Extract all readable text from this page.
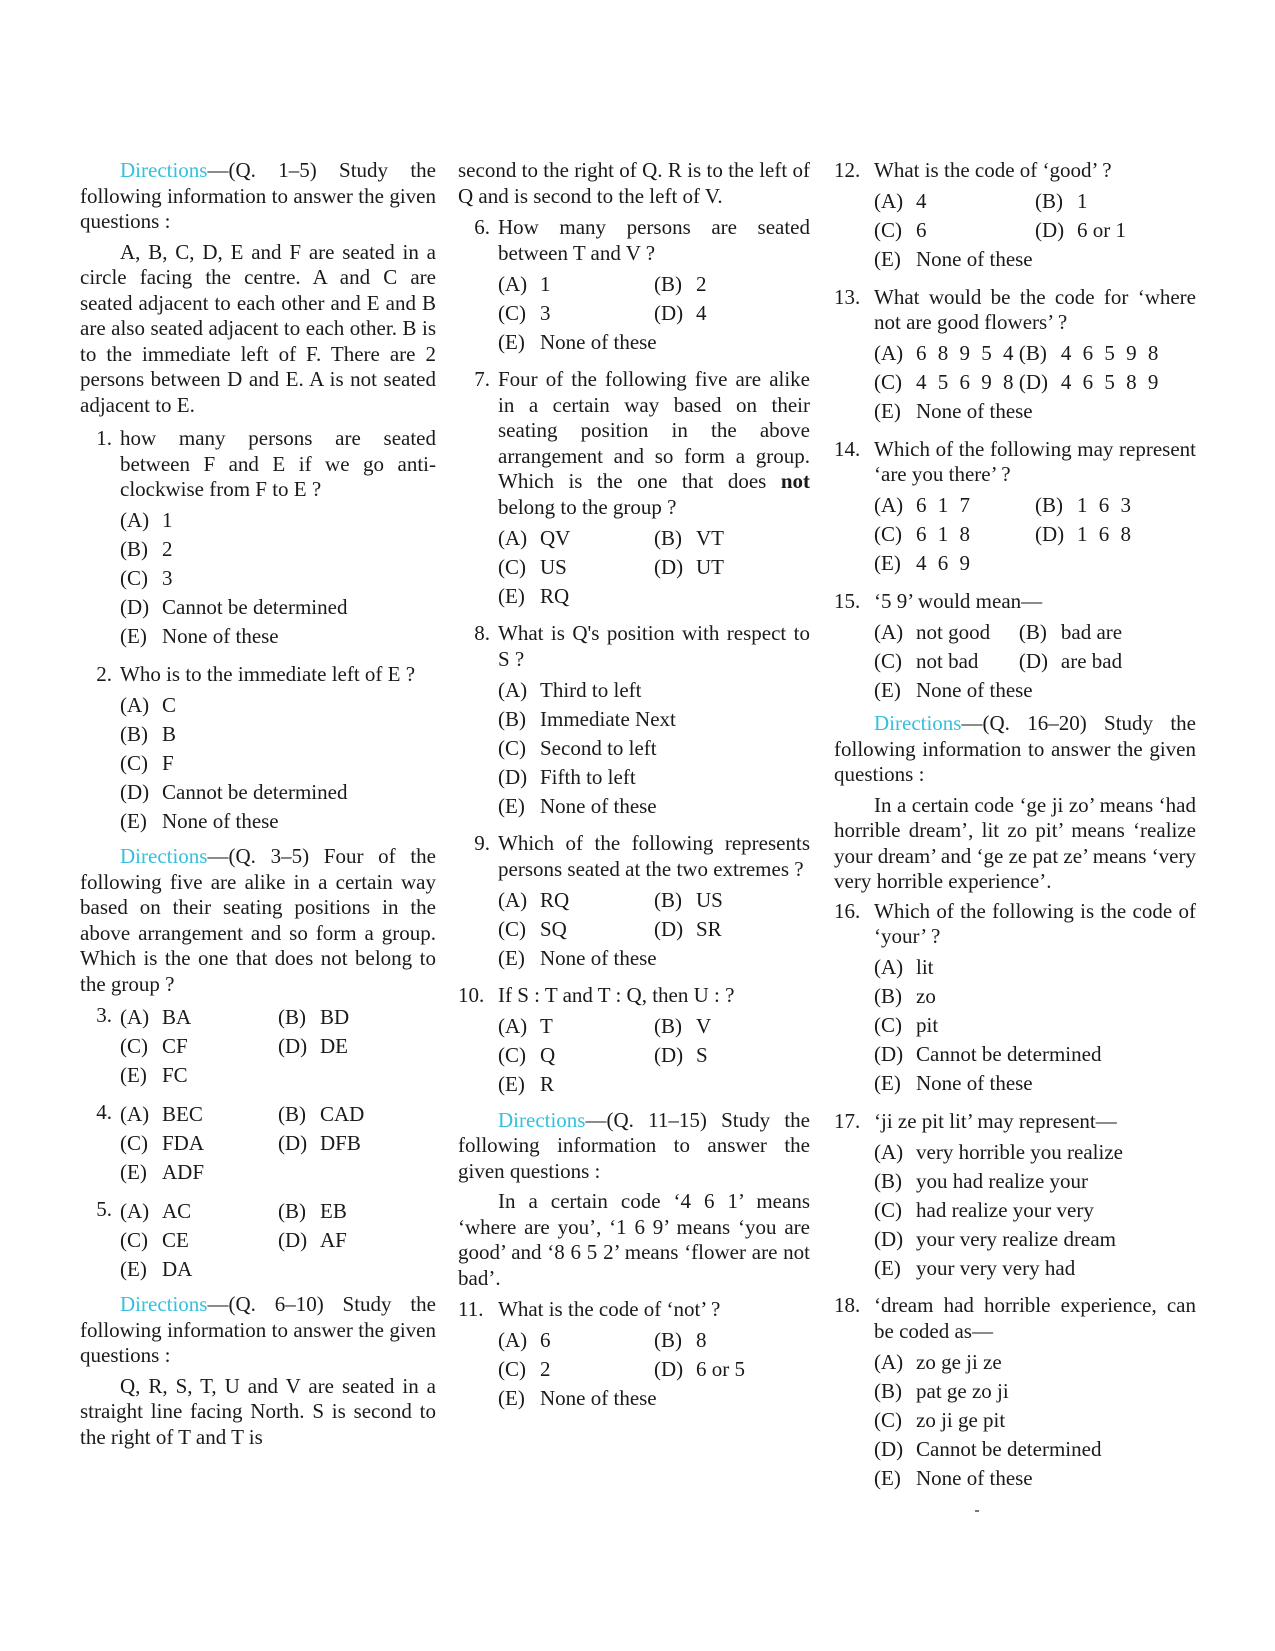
Directions—(Q. 1–5) Study the following information to answer the given questions :

A, B, C, D, E and F are seated in a circle facing the centre. A and C are seated adjacent to each other and E and B are also seated adjacent to each other. B is to the immediate left of F. There are 2 persons between D and E. A is not seated adjacent to E.

1. how many persons are seated between F and E if we go anti-clockwise from F to E ?
(A) 1
(B) 2
(C) 3
(D) Cannot be determined
(E) None of these
2. Who is to the immediate left of E ?
(A) C
(B) B
(C) F
(D) Cannot be determined
(E) None of these

Directions—(Q. 3–5) Four of the following five are alike in a certain way based on their seating positions in the above arrangement and so form a group. Which is the one that does not belong to the group ?

3. (A) BA	(B) BD
(C) CF	(D) DE
(E) FC
4. (A) BEC	(B) CAD
(C) FDA	(D) DFB
(E) ADF
5. (A) AC	(B) EB
(C) CE	(D) AF
(E) DA

Directions—(Q. 6–10) Study the following information to answer the given questions :

Q, R, S, T, U and V are seated in a straight line facing North. S is second to the right of T and T is

second to the right of Q. R is to the left of Q and is second to the left of V.

6. How many persons are seated between T and V ?
(A) 1	(B) 2
(C) 3	(D) 4
(E) None of these
7. Four of the following five are alike in a certain way based on their seating position in the above arrangement and so form a group. Which is the one that does not belong to the group ?
(A) QV	(B) VT
(C) US	(D) UT
(E) RQ
8. What is Q's position with respect to S ?
(A) Third to left
(B) Immediate Next
(C) Second to left
(D) Fifth to left
(E) None of these
9. Which of the following represents persons seated at the two extremes ?
(A) RQ	(B) US
(C) SQ	(D) SR
(E) None of these
10. If S : T and T : Q, then U : ?
(A) T	(B) V
(C) Q	(D) S
(E) R

Directions—(Q. 11–15) Study the following information to answer the given questions :

In a certain code ‘4 6 1’ means ‘where are you’, ‘1 6 9’ means ‘you are good’ and ‘8 6 5 2’ means ‘flower are not bad’.

11. What is the code of ‘not’ ?
(A) 6	(B) 8
(C) 2	(D) 6 or 5
(E) None of these
12. What is the code of ‘good’ ?
(A) 4	(B) 1
(C) 6	(D) 6 or 1
(E) None of these
13. What would be the code for ‘where not are good flowers’ ?
(A) 6 8 9 5 4 (B) 4 6 5 9 8
(C) 4 5 6 9 8 (D) 4 6 5 8 9
(E) None of these
14. Which of the following may represent ‘are you there’ ?
(A) 6 1 7	(B) 1 6 3
(C) 6 1 8	(D) 1 6 8
(E) 4 6 9
15. ‘5 9’ would mean—
(A) not good (B) bad are
(C) not bad (D) are bad
(E) None of these

Directions—(Q. 16–20) Study the following information to answer the given questions :

In a certain code ‘ge ji zo’ means ‘had horrible dream’, lit zo pit’ means ‘realize your dream’ and ‘ge ze pat ze’ means ‘very very horrible experience’.

16. Which of the following is the code of ‘your’ ?
(A) lit
(B) zo
(C) pit
(D) Cannot be determined
(E) None of these
17. ‘ji ze pit lit’ may represent—
(A) very horrible you realize
(B) you had realize your
(C) had realize your very
(D) your very realize dream
(E) your very very had
18. ‘dream had horrible experience, can be coded as—
(A) zo ge ji ze
(B) pat ge zo ji
(C) zo ji ge pit
(D) Cannot be determined
(E) None of these
